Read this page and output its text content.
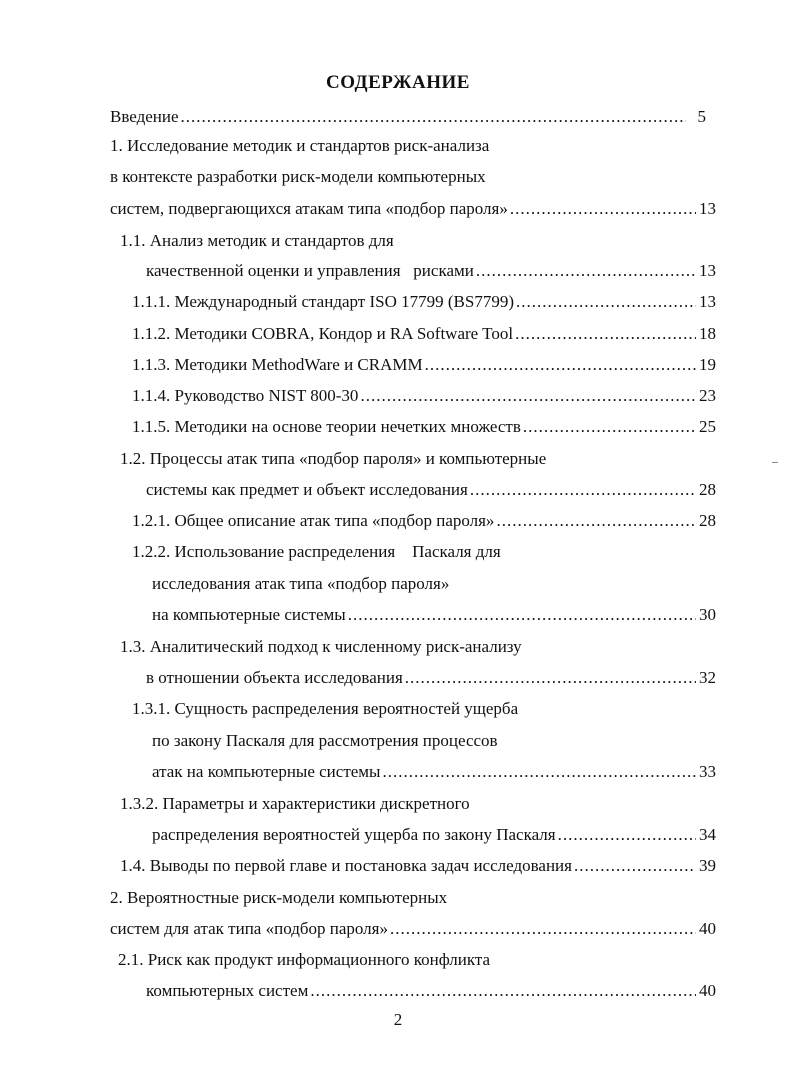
СОДЕРЖАНИЕ
Введение .....	5
1. Исследование методик и стандартов риск-анализа
в контексте разработки риск-модели компьютерных
систем, подвергающихся атакам типа «подбор пароля» .....	13
1.1. Анализ методик и стандартов для
качественной оценки и управления   рисками .....	13
1.1.1. Международный стандарт ISO 17799 (BS7799) .....	13
1.1.2. Методики COBRA, Кондор и RA Software Tool .....	18
1.1.3. Методики MethodWare и CRAMM .....	19
1.1.4. Руководство NIST 800-30 .....	23
1.1.5. Методики на основе теории нечетких множеств .....	25
1.2. Процессы атак типа «подбор пароля» и компьютерные
системы как предмет и объект исследования .....	28
1.2.1. Общее описание атак типа «подбор пароля» .....	28
1.2.2. Использование распределения    Паскаля для
исследования атак типа «подбор пароля»
на компьютерные системы .....	30
1.3. Аналитический подход к численному риск-анализу
в отношении объекта исследования .....	32
1.3.1. Сущность распределения вероятностей ущерба
по закону Паскаля для рассмотрения процессов
атак на компьютерные системы .....	33
1.3.2. Параметры и характеристики дискретного
распределения вероятностей ущерба по закону Паскаля .....	34
1.4. Выводы по первой главе и постановка задач исследования .....	39
2. Вероятностные риск-модели компьютерных
систем для атак типа «подбор пароля» .....	40
2.1. Риск как продукт информационного конфликта
компьютерных систем .....	40
2
